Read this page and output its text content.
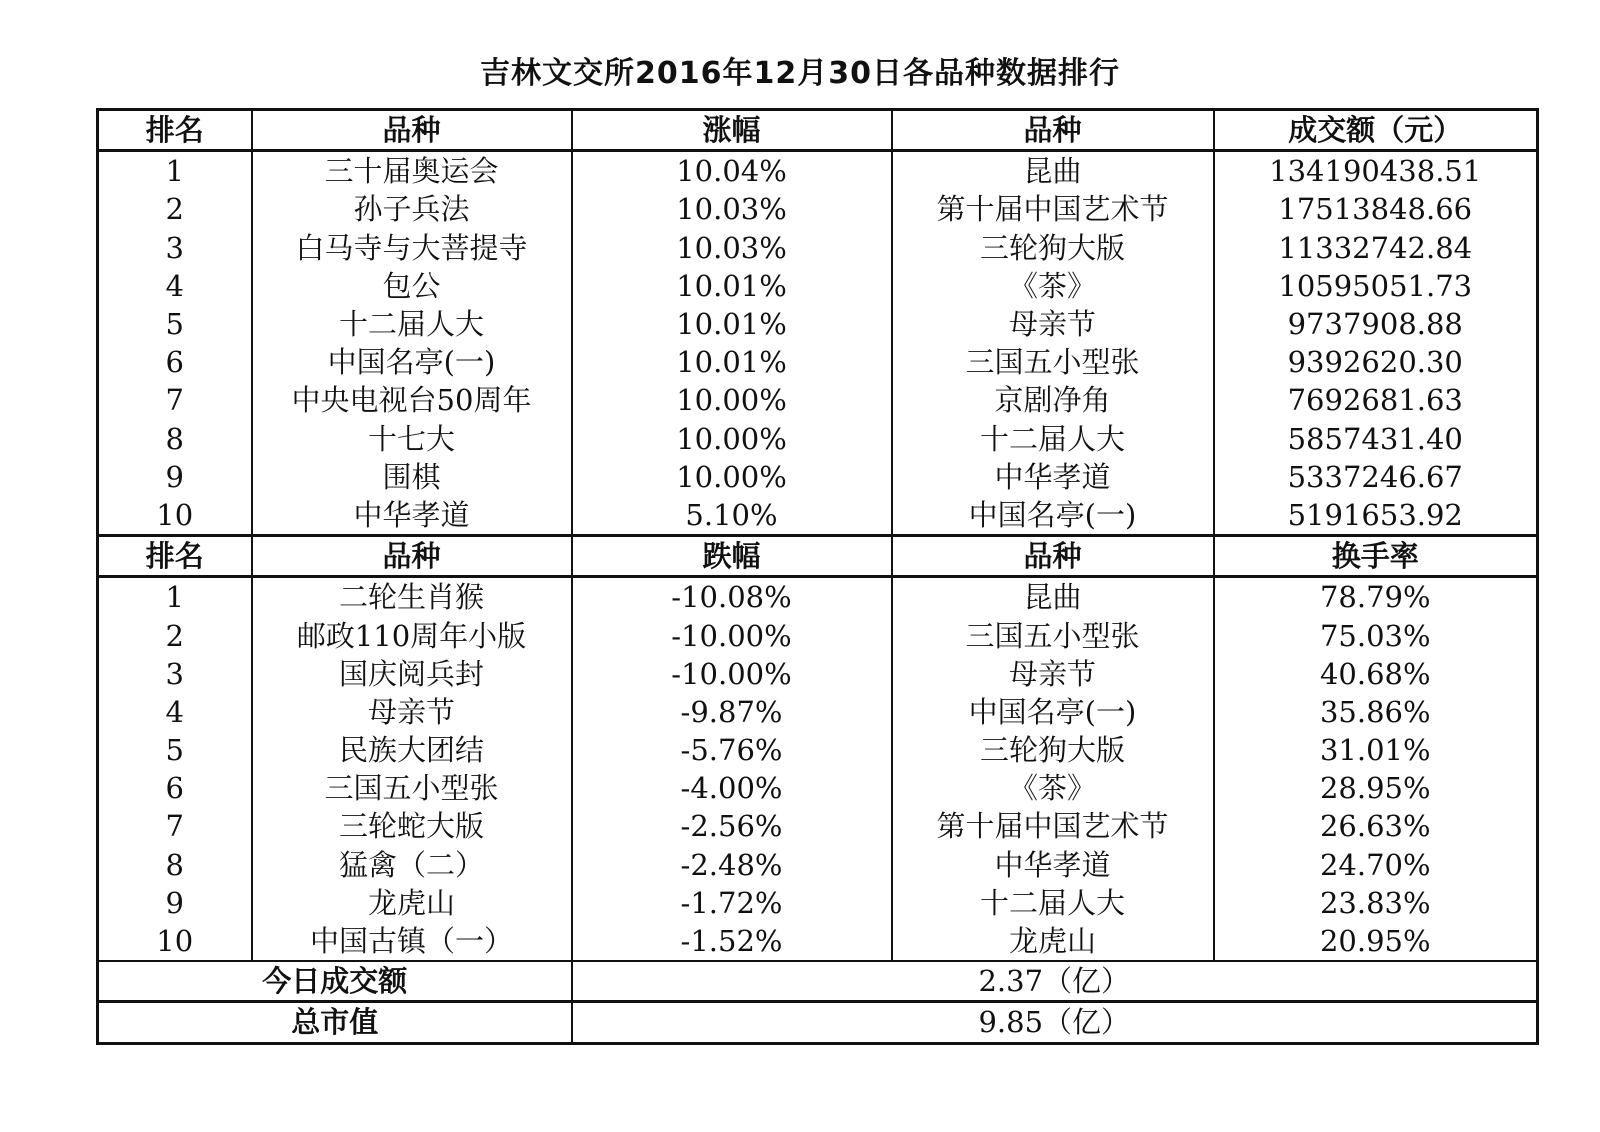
吉林文交所2016年12月30日各品种数据排行
排名	品种	涨幅	品种	成交额（元）
1	三十届奥运会	10.04%	昆曲	134190438.51
2	孙子兵法	10.03%	第十届中国艺术节	17513848.66
3	白马寺与大菩提寺	10.03%	三轮狗大版	11332742.84
4	包公	10.01%	《茶》	10595051.73
5	十二届人大	10.01%	母亲节	9737908.88
6	中国名亭(一)	10.01%	三国五小型张	9392620.30
7	中央电视台50周年	10.00%	京剧净角	7692681.63
8	十七大	10.00%	十二届人大	5857431.40
9	围棋	10.00%	中华孝道	5337246.67
10	中华孝道	5.10%	中国名亭(一)	5191653.92
排名	品种	跌幅	品种	换手率
1	二轮生肖猴	-10.08%	昆曲	78.79%
2	邮政110周年小版	-10.00%	三国五小型张	75.03%
3	国庆阅兵封	-10.00%	母亲节	40.68%
4	母亲节	-9.87%	中国名亭(一)	35.86%
5	民族大团结	-5.76%	三轮狗大版	31.01%
6	三国五小型张	-4.00%	《茶》	28.95%
7	三轮蛇大版	-2.56%	第十届中国艺术节	26.63%
8	猛禽（二）	-2.48%	中华孝道	24.70%
9	龙虎山	-1.72%	十二届人大	23.83%
10	中国古镇（一）	-1.52%	龙虎山	20.95%
今日成交额		2.37（亿）		
总市值		9.85（亿）		
